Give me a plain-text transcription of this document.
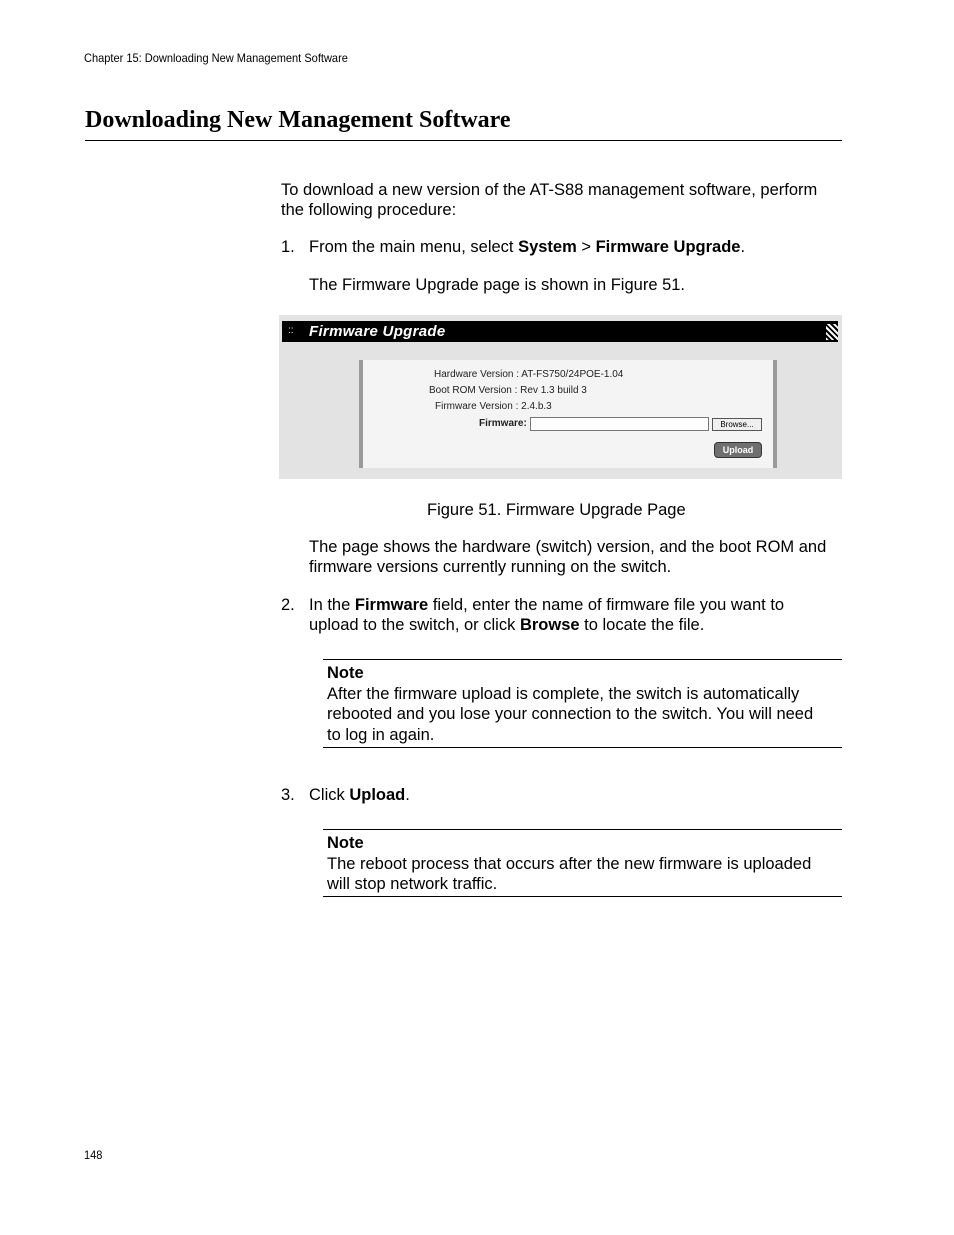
Chapter 15: Downloading New Management Software
Downloading New Management Software
To download a new version of the AT-S88 management software, perform
the following procedure:
1. From the main menu, select System > Firmware Upgrade.
The Firmware Upgrade page is shown in Figure 51.
:: Firmware Upgrade
Hardware Version : AT-FS750/24POE-1.04
Boot ROM Version : Rev 1.3 build 3
Firmware Version : 2.4.b.3
Firmware:	Browse...
Upload
Figure 51. Firmware Upgrade Page
The page shows the hardware (switch) version, and the boot ROM and
firmware versions currently running on the switch.
2. In the Firmware field, enter the name of firmware file you want to
upload to the switch, or click Browse to locate the file.
Note
After the firmware upload is complete, the switch is automatically
rebooted and you lose your connection to the switch. You will need
to log in again.
3. Click Upload.
Note
The reboot process that occurs after the new firmware is uploaded
will stop network traffic.
148
